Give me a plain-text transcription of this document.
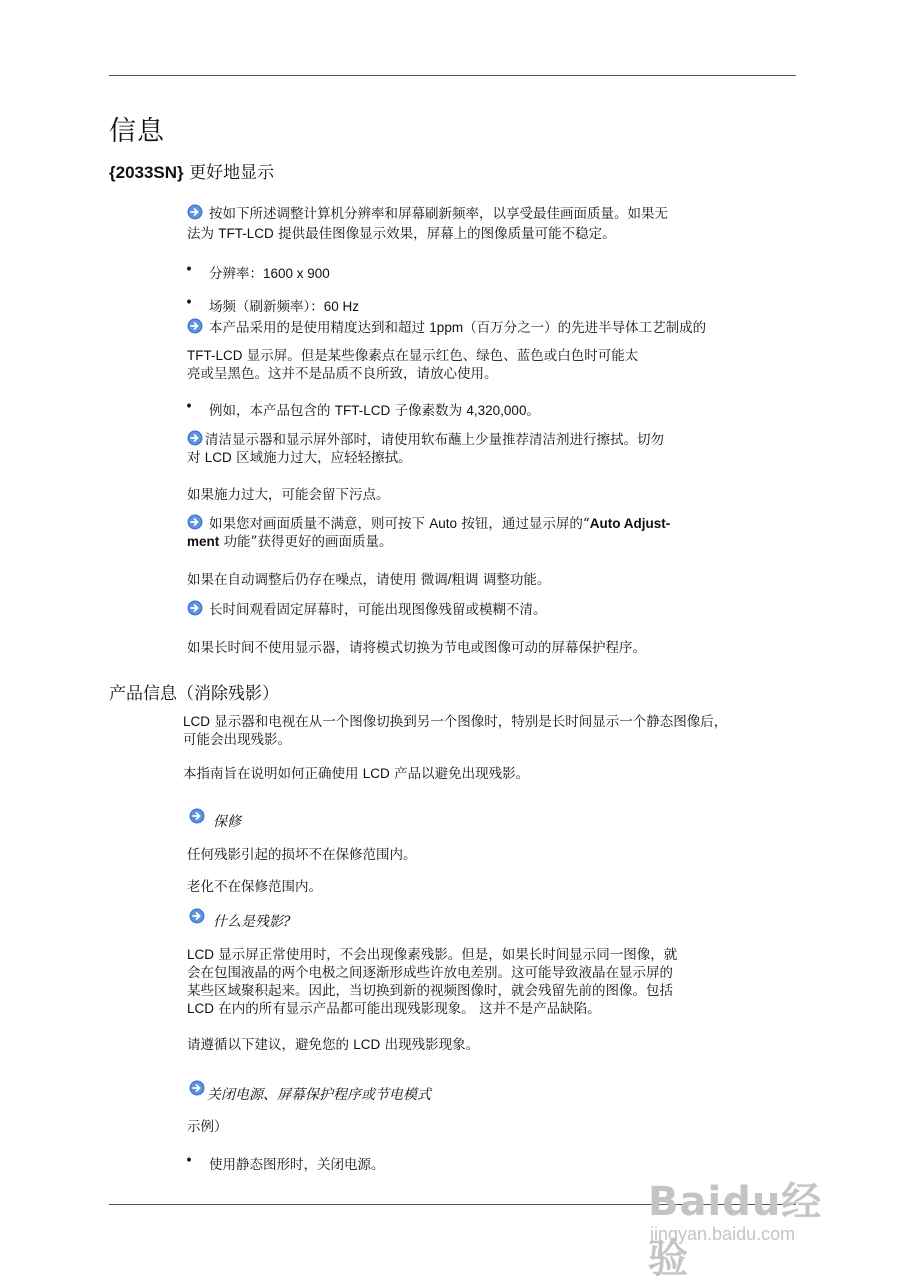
信息
{2033SN} 更好地显示
按如下所述调整计算机分辨率和屏幕刷新频率，以享受最佳画面质量。如果无
法为 TFT-LCD 提供最佳图像显示效果，屏幕上的图像质量可能不稳定。
• 分辨率：1600 x 900
• 场频（刷新频率）：60 Hz
本产品采用的是使用精度达到和超过 1ppm（百万分之一）的先进半导体工艺制成的
TFT-LCD 显示屏。但是某些像素点在显示红色、绿色、蓝色或白色时可能太
亮或呈黑色。这并不是品质不良所致，请放心使用。
• 例如，本产品包含的 TFT-LCD 子像素数为 4,320,000。
清洁显示器和显示屏外部时，请使用软布蘸上少量推荐清洁剂进行擦拭。切勿
对 LCD 区域施力过大，应轻轻擦拭。
如果施力过大，可能会留下污点。
如果您对画面质量不满意，则可按下 Auto 按钮，通过显示屏的“Auto Adjust-
ment 功能”获得更好的画面质量。
如果在自动调整后仍存在噪点，请使用 微调/粗调 调整功能。
长时间观看固定屏幕时，可能出现图像残留或模糊不清。
如果长时间不使用显示器，请将模式切换为节电或图像可动的屏幕保护程序。
产品信息（消除残影）
LCD 显示器和电视在从一个图像切换到另一个图像时，特别是长时间显示一个静态图像后，
可能会出现残影。
本指南旨在说明如何正确使用 LCD 产品以避免出现残影。
保修
任何残影引起的损坏不在保修范围内。
老化不在保修范围内。
什么是残影?
LCD 显示屏正常使用时，不会出现像素残影。但是，如果长时间显示同一图像，就
会在包围液晶的两个电极之间逐渐形成些许放电差别。这可能导致液晶在显示屏的
某些区域聚积起来。因此，当切换到新的视频图像时，就会残留先前的图像。包括
LCD 在内的所有显示产品都可能出现残影现象。 这并不是产品缺陷。
请遵循以下建议，避免您的 LCD 出现残影现象。
关闭电源、屏幕保护程序或节电模式
示例）
• 使用静态图形时，关闭电源。
Baidu经验
jingyan.baidu.com
